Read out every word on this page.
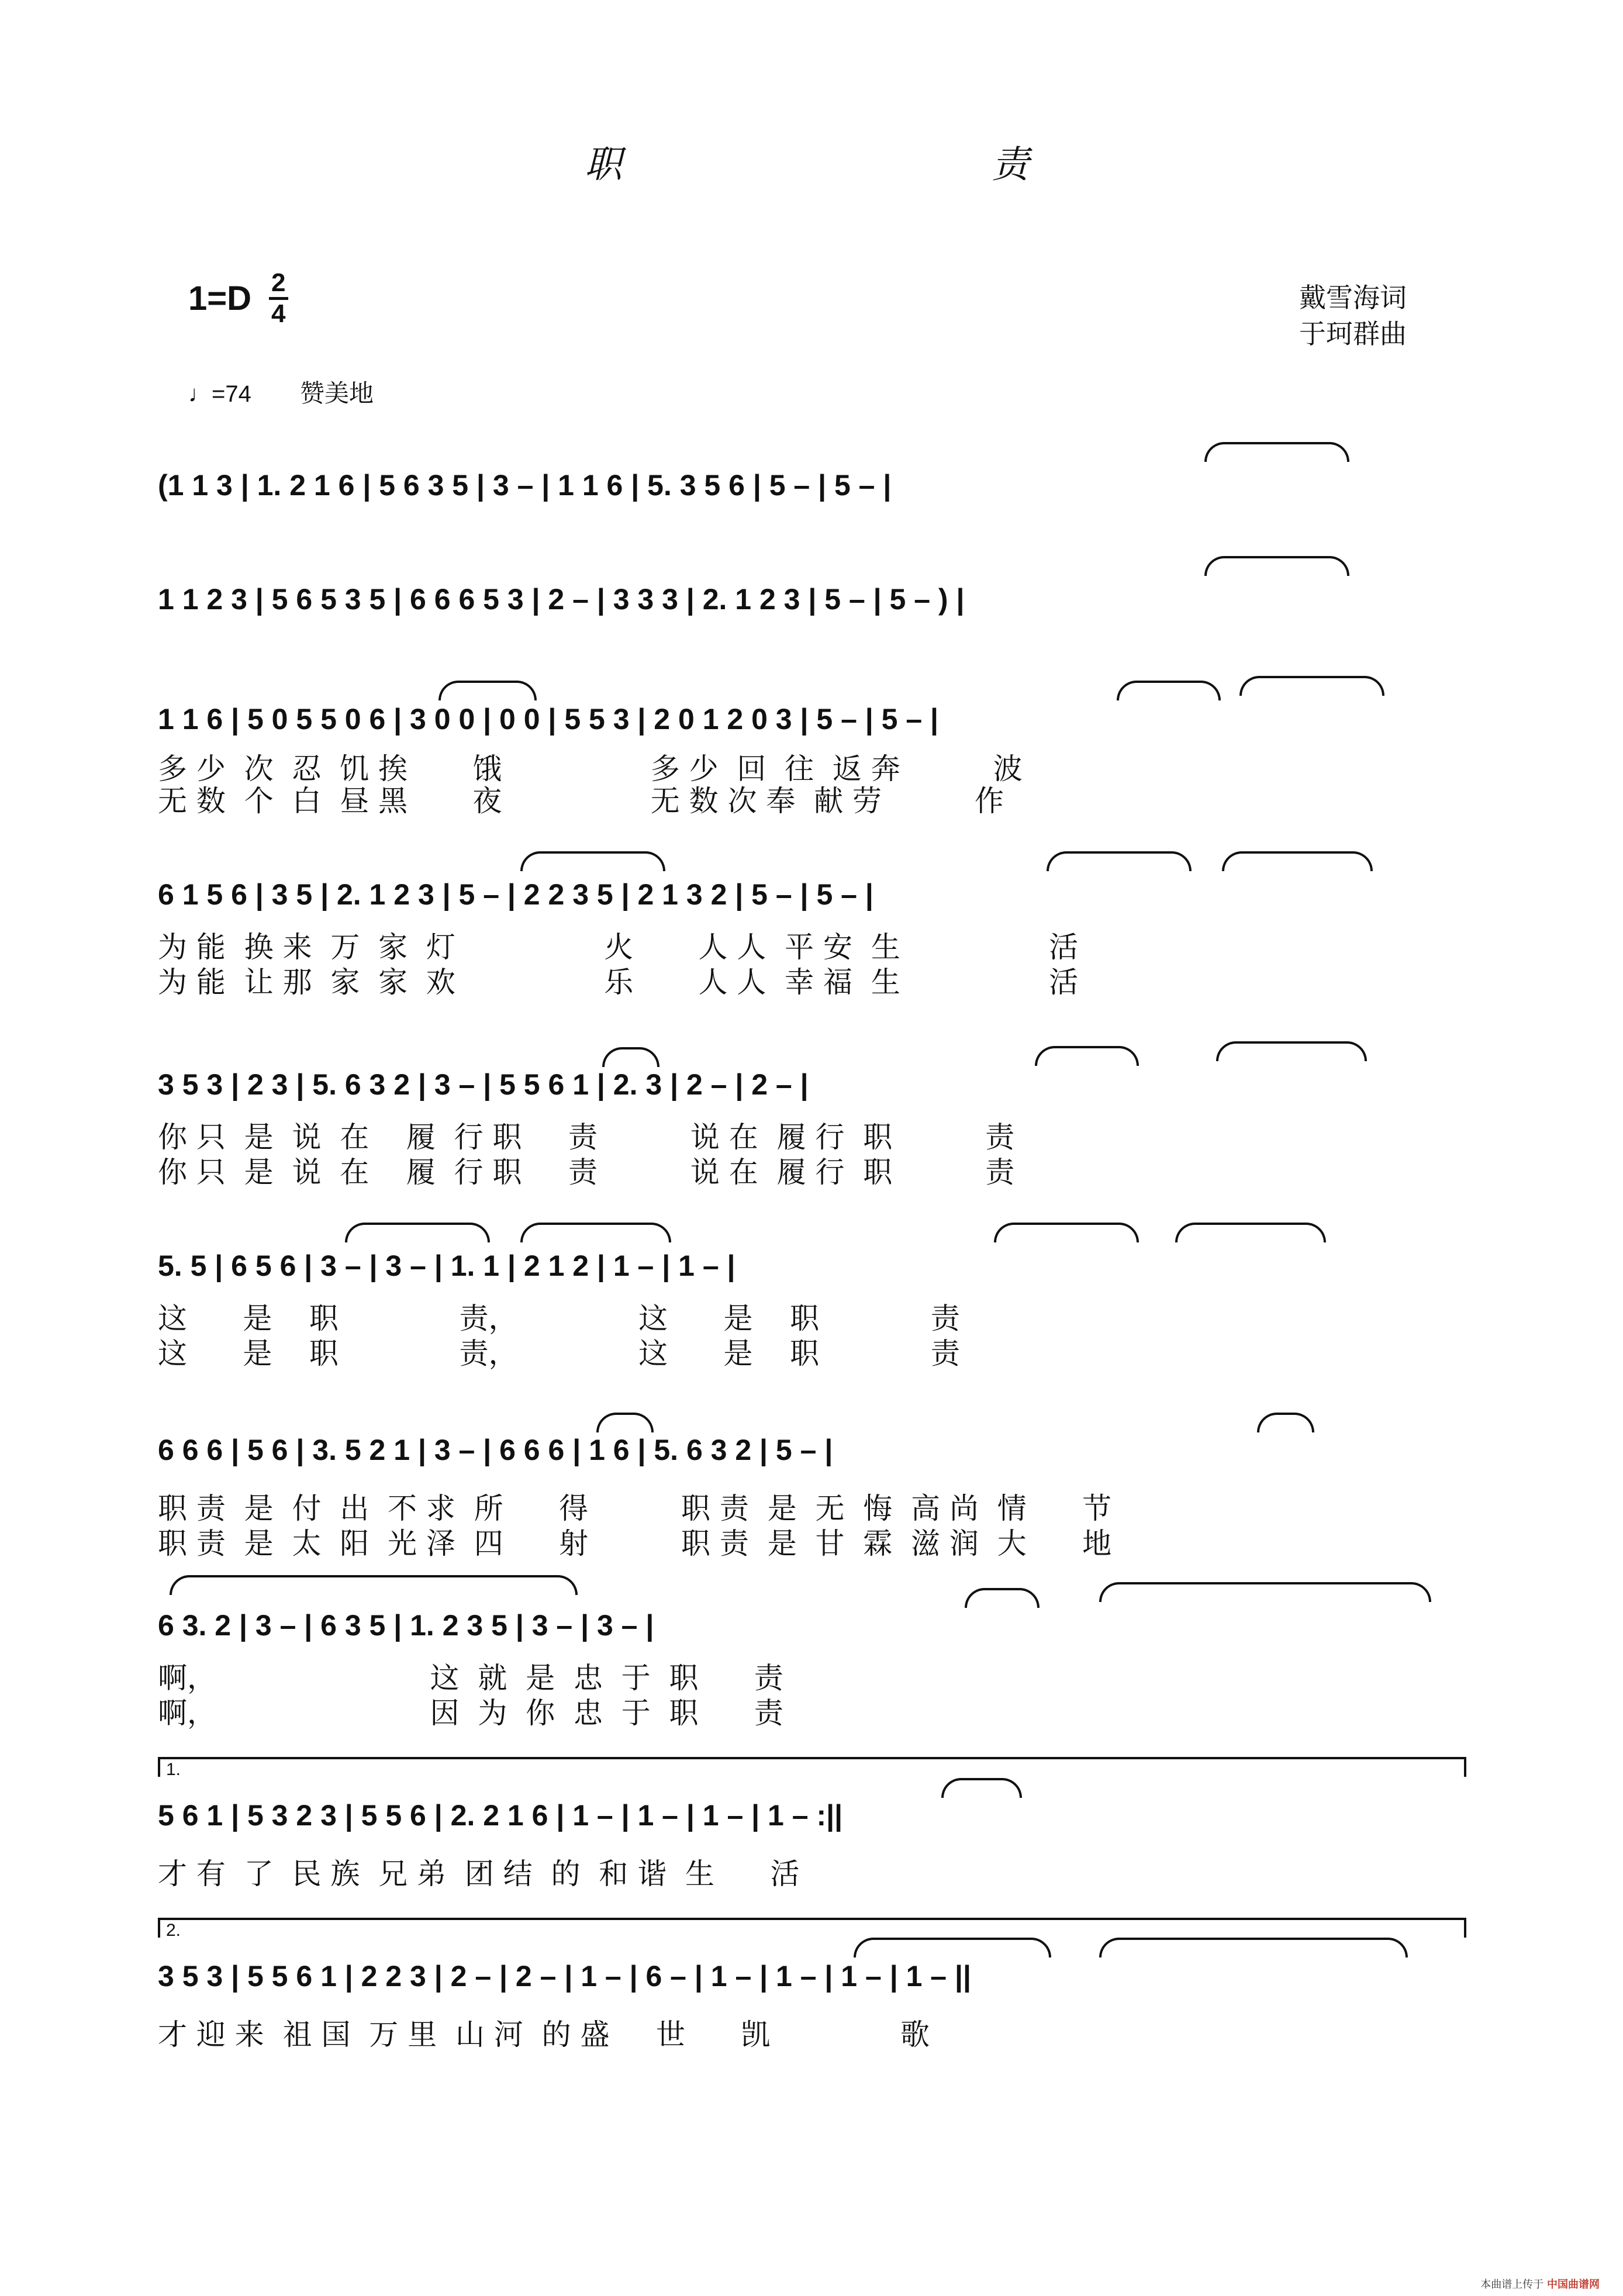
职	责
$1=D \frac{2}{4}$	戴雪海词
于珂群曲
♩=74 赞美地
(1 1 3 | 1. 2 1 6 | 5 6 3 5 | 3 – | 1 1 6 | 5. 3 5 6 | 5 – | 5 – |
1 1 2 3 | 5 6 5 3 5 | 6 6 6 5 3 | 2 – | 3 3 3 | 2. 1 2 3 | 5 – | 5 – ) |
1 1 6 | 5 0 5 5 0 6 | 3 0 0 | 0 0 | 5 5 3 | 2 0 1 2 0 3 | 5 – | 5 – |
多 少  次  忍  饥 挨       饿                多 少  回  往  返 奔          波
无 数  个  白  昼 黑       夜                无 数 次 奉  献 劳          作
6 1 5 6 | 3 5 | 2. 1 2 3 | 5 – | 2 2 3 5 | 2 1 3 2 | 5 – | 5 – |
为 能  换 来  万  家  灯                火       人 人  平 安  生                活
为 能  让 那  家  家  欢                乐       人 人  幸 福  生                活
3 5 3 | 2 3 | 5. 6 3 2 | 3 – | 5 5 6 1 | 2. 3 | 2 – | 2 – |
你 只  是  说  在    履  行 职     责          说 在  履 行  职          责
你 只  是  说  在    履  行 职     责          说 在  履 行  职          责
5. 5 | 6 5 6 | 3 – | 3 – | 1. 1 | 2 1 2 | 1 – | 1 – |
这      是    职             责，             这      是    职            责
这      是    职             责，             这      是    职            责
6 6 6 | 5 6 | 3. 5 2 1 | 3 – | 6 6 6 | 1 6 | 5. 6 3 2 | 5 – |
职 责  是  付  出  不 求  所      得          职 责  是  无  悔  高 尚  情      节
职 责  是  太  阳  光 泽  四      射          职 责  是  甘  霖  滋 润  大      地
6 3. 2 | 3 – | 6 3 5 | 1. 2 3 5 | 3 – | 3 – |
啊，                       这  就  是  忠  于  职      责
啊，                       因  为  你  忠  于  职      责
1.
5 6 1 | 5 3 2 3 | 5 5 6 | 2. 2 1 6 | 1 – | 1 – | 1 – | 1 – :||
才 有  了  民 族  兄 弟  团 结  的  和 谐  生      活
2.
3 5 3 | 5 5 6 1 | 2 2 3 | 2 – | 2 – | 1 – | 6 – | 1 – | 1 – | 1 – | 1 – ||
才 迎 来  祖 国  万 里  山 河  的 盛     世      凯              歌
本曲谱上传于 中国曲谱网
